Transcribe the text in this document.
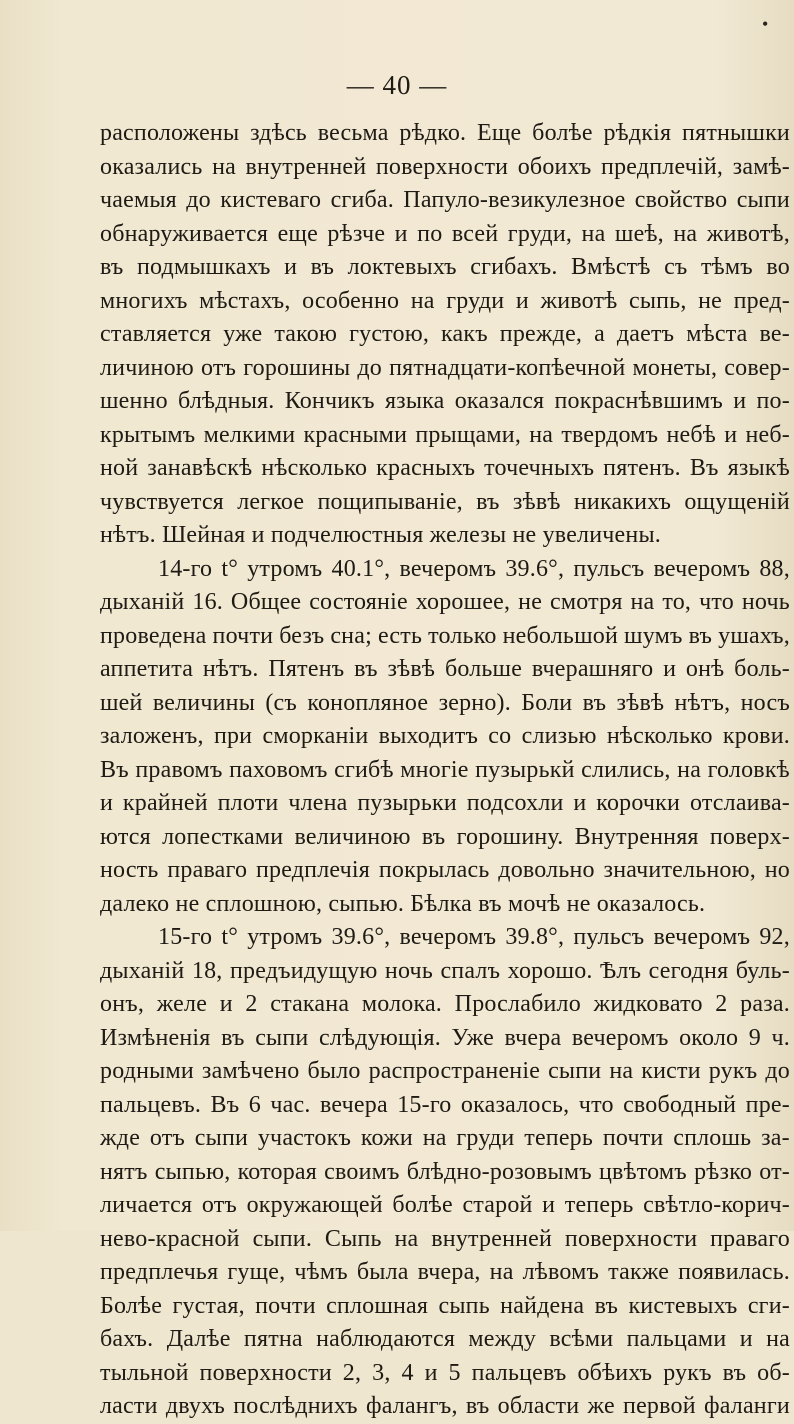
•
— 40 —
расположены здѣсь весьма рѣдко. Еще болѣе рѣдкія пятнышки
оказались на внутренней поверхности обоихъ предплечій, замѣ-
чаемыя до кистеваго сгиба. Папуло-везикулезное свойство сыпи
обнаруживается еще рѣзче и по всей груди, на шеѣ, на животѣ,
въ подмышкахъ и въ локтевыхъ сгибахъ. Вмѣстѣ съ тѣмъ во
многихъ мѣстахъ, особенно на груди и животѣ сыпь, не пред-
ставляется уже такою густою, какъ прежде, а даетъ мѣста ве-
личиною отъ горошины до пятнадцати-копѣечной монеты, совер-
шенно блѣдныя. Кончикъ языка оказался покраснѣвшимъ и по-
крытымъ мелкими красными прыщами, на твердомъ небѣ и неб-
ной занавѣскѣ нѣсколько красныхъ точечныхъ пятенъ. Въ языкѣ
чувствуется легкое пощипываніе, въ зѣвѣ никакихъ ощущеній
нѣтъ. Шейная и подчелюстныя железы не увеличены.
14-го t° утромъ 40.1°, вечеромъ 39.6°, пульсъ вечеромъ 88,
дыханій 16. Общее состояніе хорошее, не смотря на то, что ночь
проведена почти безъ сна; есть только небольшой шумъ въ ушахъ,
аппетита нѣтъ. Пятенъ въ зѣвѣ больше вчерашняго и онѣ боль-
шей величины (съ конопляное зерно). Боли въ зѣвѣ нѣтъ, носъ
заложенъ, при сморканіи выходитъ со слизью нѣсколько крови.
Въ правомъ паховомъ сгибѣ многіе пузырькй слились, на головкѣ
и крайней плоти члена пузырьки подсохли и корочки отслаива-
ются лопестками величиною въ горошину. Внутренняя поверх-
ность праваго предплечія покрылась довольно значительною, но
далеко не сплошною, сыпью. Бѣлка въ мочѣ не оказалось.
15-го t° утромъ 39.6°, вечеромъ 39.8°, пульсъ вечеромъ 92,
дыханій 18, предъидущую ночь спалъ хорошо. Ѣлъ сегодня буль-
онъ, желе и 2 стакана молока. Прослабило жидковато 2 раза.
Измѣненія въ сыпи слѣдующія. Уже вчера вечеромъ около 9 ч.
родными замѣчено было распространеніе сыпи на кисти рукъ до
пальцевъ. Въ 6 час. вечера 15-го оказалось, что свободный пре-
жде отъ сыпи участокъ кожи на груди теперь почти сплошь за-
нятъ сыпью, которая своимъ блѣдно-розовымъ цвѣтомъ рѣзко от-
личается отъ окружающей болѣе старой и теперь свѣтло-корич-
нево-красной сыпи. Сыпь на внутренней поверхности праваго
предплечья гуще, чѣмъ была вчера, на лѣвомъ также появилась.
Болѣе густая, почти сплошная сыпь найдена въ кистевыхъ сги-
бахъ. Далѣе пятна наблюдаются между всѣми пальцами и на
тыльной поверхности 2, 3, 4 и 5 пальцевъ обѣихъ рукъ въ об-
ласти двухъ послѣднихъ фалангъ, въ области же первой фаланги
